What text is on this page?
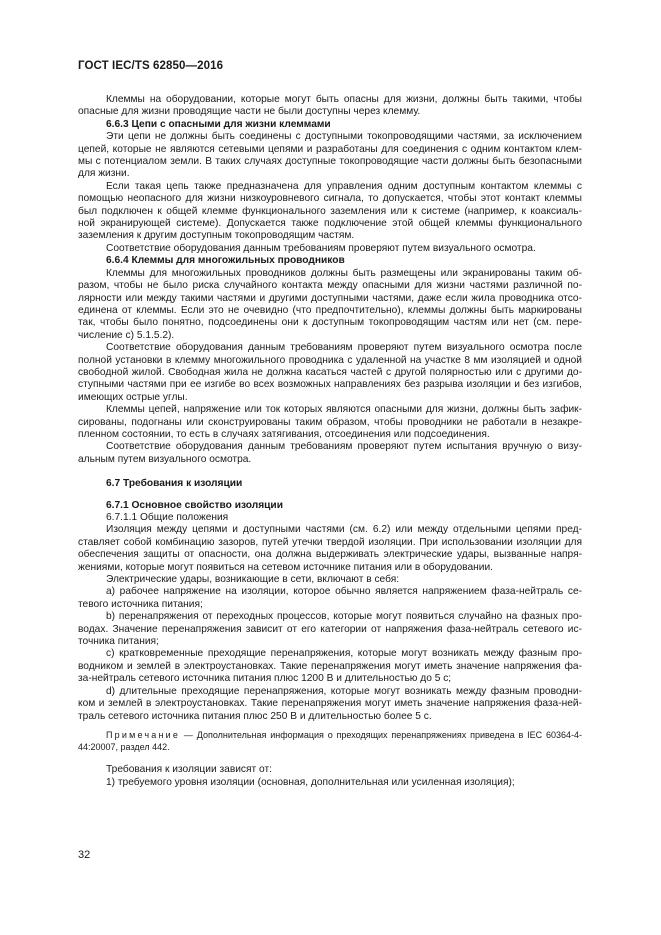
ГОСТ IEC/TS 62850—2016

Клеммы на оборудовании, которые могут быть опасны для жизни, должны быть такими, чтобы опасные для жизни проводящие части не были доступны через клемму.

6.6.3 Цепи с опасными для жизни клеммами

Эти цепи не должны быть соединены с доступными токопроводящими частями, за исключением цепей, которые не являются сетевыми цепями и разработаны для соединения с одним контактом клем- мы с потенциалом земли. В таких случаях доступные токопроводящие части должны быть безопасными для жизни.

Если такая цепь также предназначена для управления одним доступным контактом клеммы с помощью неопасного для жизни низкоуровневого сигнала, то допускается, чтобы этот контакт клеммы был подключен к общей клемме функционального заземления или к системе (например, к коаксиаль- ной экранирующей системе). Допускается также подключение этой общей клеммы функционального заземления к другим доступным токопроводящим частям.

Соответствие оборудования данным требованиям проверяют путем визуального осмотра.

6.6.4 Клеммы для многожильных проводников

Клеммы для многожильных проводников должны быть размещены или экранированы таким об- разом, чтобы не было риска случайного контакта между опасными для жизни частями различной по- лярности или между такими частями и другими доступными частями, даже если жила проводника отсо- единена от клеммы. Если это не очевидно (что предпочтительно), клеммы должны быть маркированы так, чтобы было понятно, подсоединены они к доступным токопроводящим частям или нет (см. пере- числение с) 5.1.5.2).

Соответствие оборудования данным требованиям проверяют путем визуального осмотра после полной установки в клемму многожильного проводника с удаленной на участке 8 мм изоляцией и одной свободной жилой. Свободная жила не должна касаться частей с другой полярностью или с другими до- ступными частями при ее изгибе во всех возможных направлениях без разрыва изоляции и без изгибов, имеющих острые углы.

Клеммы цепей, напряжение или ток которых являются опасными для жизни, должны быть зафик- сированы, подогнаны или сконструированы таким образом, чтобы проводники не работали в незакре- пленном состоянии, то есть в случаях затягивания, отсоединения или подсоединения.

Соответствие оборудования данным требованиям проверяют путем испытания вручную о визу- альным путем визуального осмотра.

6.7 Требования к изоляции

6.7.1 Основное свойство изоляции

6.7.1.1 Общие положения

Изоляция между цепями и доступными частями (см. 6.2) или между отдельными цепями пред- ставляет собой комбинацию зазоров, путей утечки твердой изоляции. При использовании изоляции для обеспечения защиты от опасности, она должна выдерживать электрические удары, вызванные напря- жениями, которые могут появиться на сетевом источнике питания или в оборудовании.

Электрические удары, возникающие в сети, включают в себя:

а) рабочее напряжение на изоляции, которое обычно является напряжением фаза-нейтраль се- тевого источника питания;

b) перенапряжения от переходных процессов, которые могут появиться случайно на фазных про- водах. Значение перенапряжения зависит от его категории от напряжения фаза-нейтраль сетевого ис- точника питания;

с) кратковременные преходящие перенапряжения, которые могут возникать между фазным про- водником и землей в электроустановках. Такие перенапряжения могут иметь значение напряжения фа- за-нейтраль сетевого источника питания плюс 1200 В и длительностью до 5 с;

d) длительные преходящие перенапряжения, которые могут возникать между фазным проводни- ком и землей в электроустановках. Такие перенапряжения могут иметь значение напряжения фаза-ней- траль сетевого источника питания плюс 250 В и длительностью более 5 с.

Примечание — Дополнительная информация о преходящих перенапряжениях приведена в IEC 60364-4-44:20007, раздел 442.

Требования к изоляции зависят от:

1) требуемого уровня изоляции (основная, дополнительная или усиленная изоляция);

32
